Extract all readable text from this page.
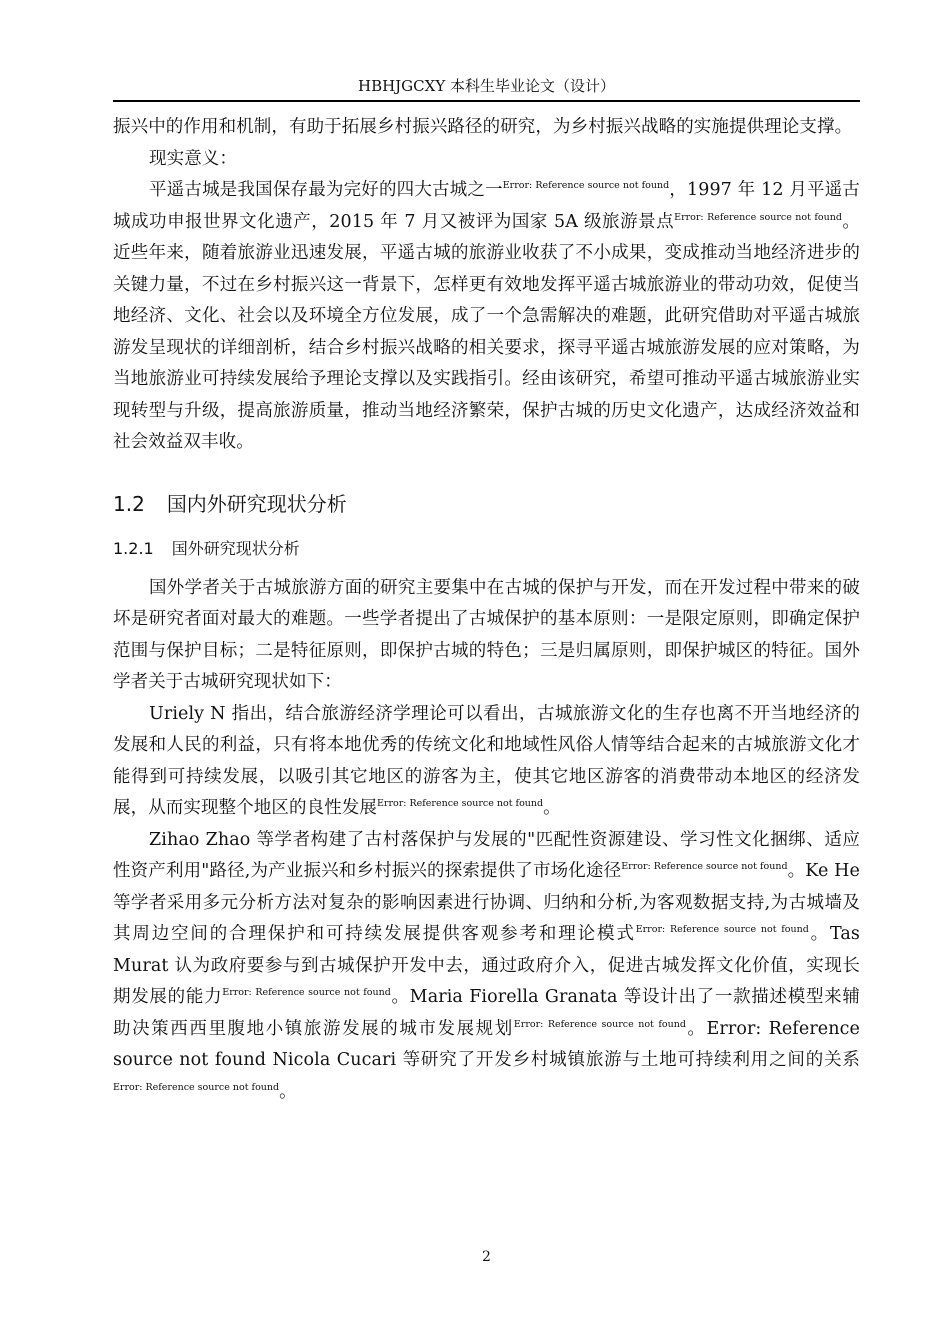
HBHJGCXY 本科生毕业论文（设计）

振兴中的作用和机制，有助于拓展乡村振兴路径的研究，为乡村振兴战略的实施提供理论支撑。

现实意义：

平遥古城是我国保存最为完好的四大古城之一$^{Error: Reference source not found}$，1997 年 12 月平遥古城成功申报世界文化遗产，2015 年 7 月又被评为国家 5A 级旅游景点$^{Error: Reference source not found}$。近些年来，随着旅游业迅速发展，平遥古城的旅游业收获了不小成果，变成推动当地经济进步的关键力量，不过在乡村振兴这一背景下，怎样更有效地发挥平遥古城旅游业的带动功效，促使当地经济、文化、社会以及环境全方位发展，成了一个急需解决的难题，此研究借助对平遥古城旅游发呈现状的详细剖析，结合乡村振兴战略的相关要求，探寻平遥古城旅游发展的应对策略，为当地旅游业可持续发展给予理论支撑以及实践指引。经由该研究，希望可推动平遥古城旅游业实现转型与升级，提高旅游质量，推动当地经济繁荣，保护古城的历史文化遗产，达成经济效益和社会效益双丰收。

1.2 国内外研究现状分析
1.2.1 国外研究现状分析

国外学者关于古城旅游方面的研究主要集中在古城的保护与开发，而在开发过程中带来的破坏是研究者面对最大的难题。一些学者提出了古城保护的基本原则：一是限定原则，即确定保护范围与保护目标；二是特征原则，即保护古城的特色；三是归属原则，即保护城区的特征。国外学者关于古城研究现状如下：

Uriely N 指出，结合旅游经济学理论可以看出，古城旅游文化的生存也离不开当地经济的发展和人民的利益，只有将本地优秀的传统文化和地域性风俗人情等结合起来的古城旅游文化才能得到可持续发展，以吸引其它地区的游客为主，使其它地区游客的消费带动本地区的经济发展，从而实现整个地区的良性发展$^{Error: Reference source not found}$。

Zihao Zhao 等学者构建了古村落保护与发展的"匹配性资源建设、学习性文化捆绑、适应性资产利用"路径,为产业振兴和乡村振兴的探索提供了市场化途径$^{Error: Reference source not found}$。Ke He 等学者采用多元分析方法对复杂的影响因素进行协调、归纳和分析,为客观数据支持,为古城墙及其周边空间的合理保护和可持续发展提供客观参考和理论模式$^{Error: Reference source not found}$。Tas Murat 认为政府要参与到古城保护开发中去，通过政府介入，促进古城发挥文化价值，实现长期发展的能力$^{Error: Reference source not found}$。Maria Fiorella Granata 等设计出了一款描述模型来辅助决策西西里腹地小镇旅游发展的城市发展规划$^{Error: Reference source not found}$。Error: Reference source not found Nicola Cucari 等研究了开发乡村城镇旅游与土地可持续利用之间的关系$^{Error: Reference source not found}$。

2
